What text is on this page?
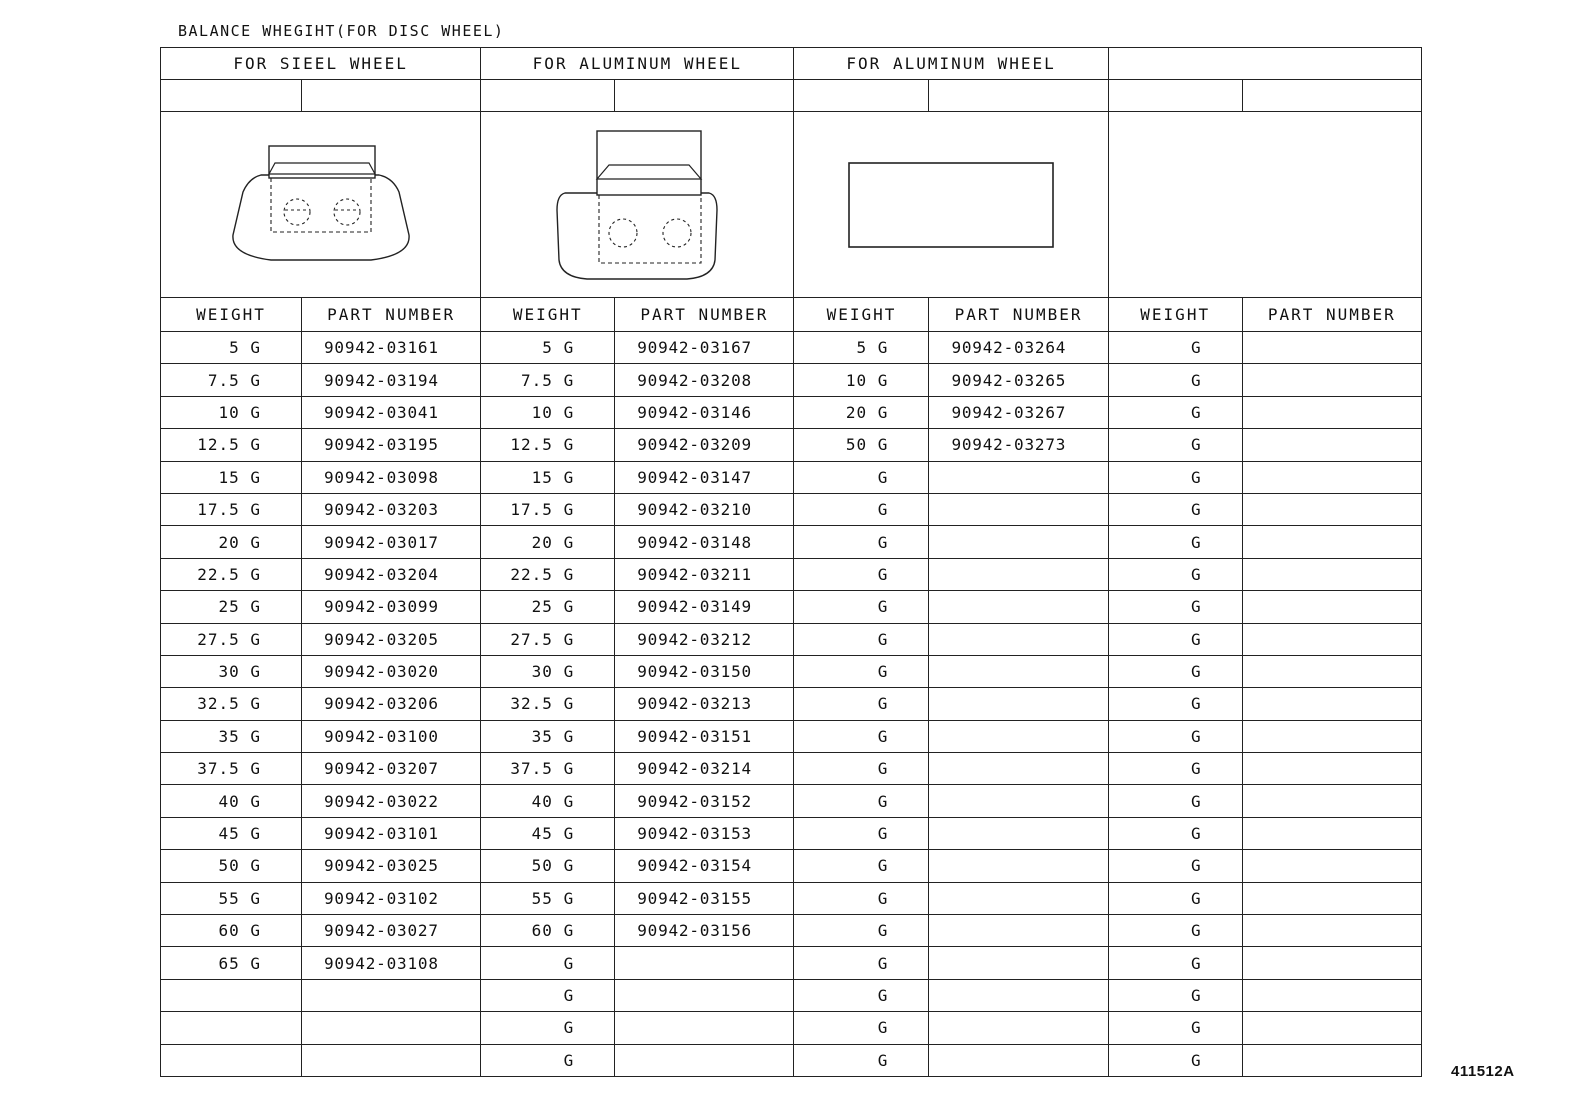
BALANCE WHEGIHT(FOR DISC WHEEL)
FOR SIEEL WHEEL		FOR ALUMINUM WHEEL		FOR ALUMINUM WHEEL			

WEIGHT	PART NUMBER	WEIGHT	PART NUMBER	WEIGHT	PART NUMBER	WEIGHT	PART NUMBER
5 G	90942-03161	5 G	90942-03167	5 G	90942-03264	G	
7.5 G	90942-03194	7.5 G	90942-03208	10 G	90942-03265	G	
10 G	90942-03041	10 G	90942-03146	20 G	90942-03267	G	
12.5 G	90942-03195	12.5 G	90942-03209	50 G	90942-03273	G	
15 G	90942-03098	15 G	90942-03147	G		G	
17.5 G	90942-03203	17.5 G	90942-03210	G		G	
20 G	90942-03017	20 G	90942-03148	G		G	
22.5 G	90942-03204	22.5 G	90942-03211	G		G	
25 G	90942-03099	25 G	90942-03149	G		G	
27.5 G	90942-03205	27.5 G	90942-03212	G		G	
30 G	90942-03020	30 G	90942-03150	G		G	
32.5 G	90942-03206	32.5 G	90942-03213	G		G	
35 G	90942-03100	35 G	90942-03151	G		G	
37.5 G	90942-03207	37.5 G	90942-03214	G		G	
40 G	90942-03022	40 G	90942-03152	G		G	
45 G	90942-03101	45 G	90942-03153	G		G	
50 G	90942-03025	50 G	90942-03154	G		G	
55 G	90942-03102	55 G	90942-03155	G		G	
60 G	90942-03027	60 G	90942-03156	G		G	
65 G	90942-03108	G		G		G	
		G		G		G	
		G		G		G	
		G		G		G	
411512A
